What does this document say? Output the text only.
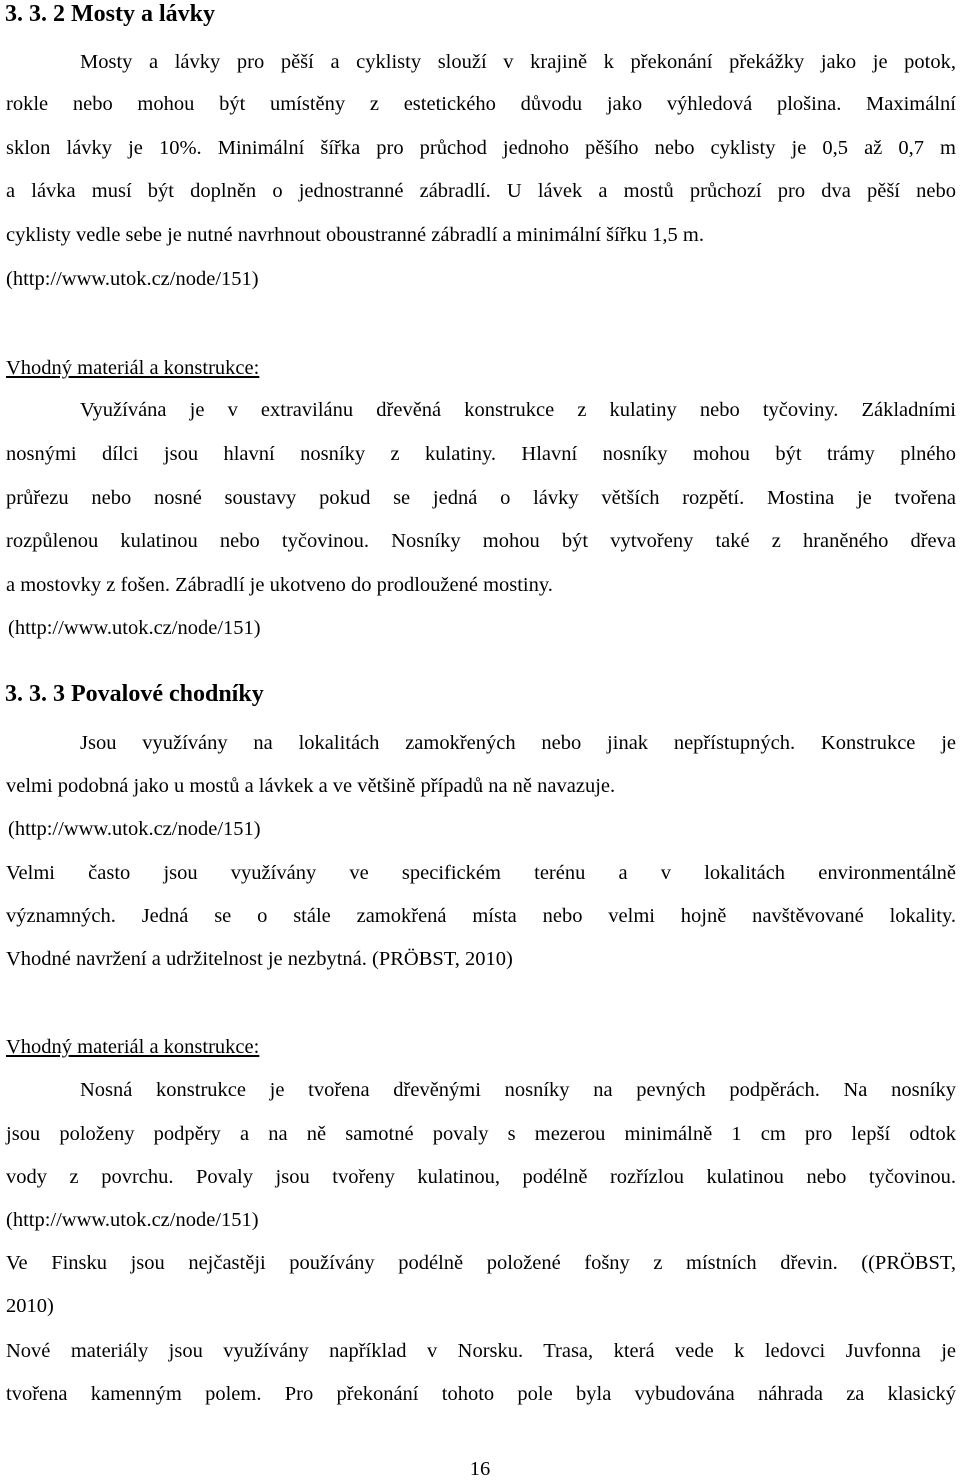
3. 3. 2 Mosty a lávky
Mosty a lávky pro pěší a cyklisty slouží v krajině k překonání překážky jako je potok,
rokle nebo mohou být umístěny z estetického důvodu jako výhledová plošina. Maximální
sklon lávky je 10%. Minimální šířka pro průchod jednoho pěšího nebo cyklisty je 0,5 až 0,7 m
a lávka musí být doplněn o jednostranné zábradlí. U lávek a mostů průchozí pro dva pěší nebo
cyklisty vedle sebe je nutné navrhnout oboustranné zábradlí a minimální šířku 1,5 m.
(http://www.utok.cz/node/151)
Vhodný materiál a konstrukce:
Využívána je v extravilánu dřevěná konstrukce z kulatiny nebo tyčoviny. Základními
nosnými dílci jsou hlavní nosníky z kulatiny. Hlavní nosníky mohou být trámy plného
průřezu nebo nosné soustavy pokud se jedná o lávky větších rozpětí. Mostina je tvořena
rozpůlenou kulatinou nebo tyčovinou. Nosníky mohou být vytvořeny také z hraněného dřeva
a mostovky z fošen. Zábradlí je ukotveno do prodloužené mostiny.
(http://www.utok.cz/node/151)
3. 3. 3 Povalové chodníky
Jsou využívány na lokalitách zamokřených nebo jinak nepřístupných. Konstrukce je
velmi podobná jako u mostů a lávkek a ve většině případů na ně navazuje.
(http://www.utok.cz/node/151)
Velmi často jsou využívány ve specifickém terénu a v lokalitách environmentálně
významných. Jedná se o stále zamokřená místa nebo velmi hojně navštěvované lokality.
Vhodné navržení a udržitelnost je nezbytná. (PRÖBST, 2010)
Vhodný materiál a konstrukce:
Nosná konstrukce je tvořena dřevěnými nosníky na pevných podpěrách. Na nosníky
jsou položeny podpěry a na ně samotné povaly s mezerou minimálně 1 cm pro lepší odtok
vody z povrchu. Povaly jsou tvořeny kulatinou, podélně rozřízlou kulatinou nebo tyčovinou.
(http://www.utok.cz/node/151)
Ve Finsku jsou nejčastěji používány podélně položené fošny z místních dřevin. ((PRÖBST,
2010)
Nové materiály jsou využívány například v Norsku. Trasa, která vede k ledovci Juvfonna je
tvořena kamenným polem. Pro překonání tohoto pole byla vybudována náhrada za klasický
16
